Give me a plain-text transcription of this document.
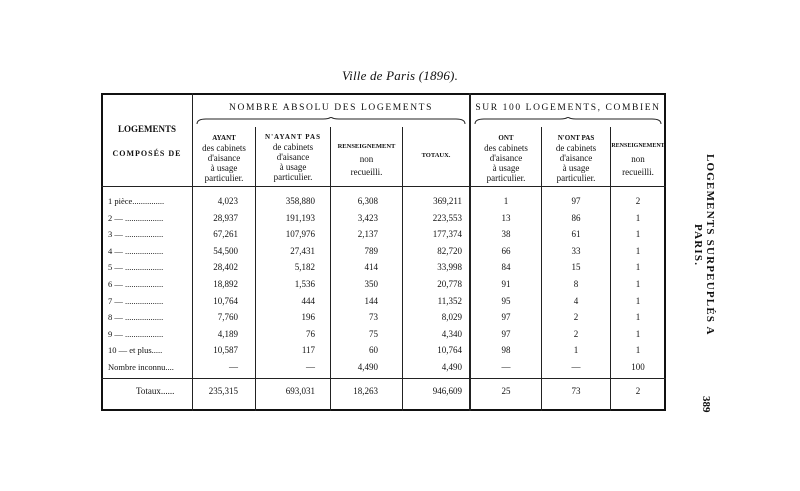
Ville de Paris (1896).
LOGEMENTS
COMPOSÉS DE
NOMBRE ABSOLU DES LOGEMENTS	SUR 100 LOGEMENTS, COMBIEN
AYANT
des cabinets
d'aisance
à usage
particulier.
N'AYANT PAS
de cabinets
d'aisance
à usage
particulier.
RENSEIGNEMENT
non
recueilli.
TOTAUX.
ONT
des cabinets
d'aisance
à usage
particulier.
N'ONT PAS
de cabinets
d'aisance
à usage
particulier.
RENSEIGNEMENT
non
recueilli.
1 pièce...............	4,023	358,880	6,308	369,211	1	97	2
2 — ..................	28,937	191,193	3,423	223,553	13	86	1
3 — ..................	67,261	107,976	2,137	177,374	38	61	1
4 — ..................	54,500	27,431	789	82,720	66	33	1
5 — ..................	28,402	5,182	414	33,998	84	15	1
6 — ..................	18,892	1,536	350	20,778	91	8	1
7 — ..................	10,764	444	144	11,352	95	4	1
8 — ..................	7,760	196	73	8,029	97	2	1
9 — ..................	4,189	76	75	4,340	97	2	1
10 — et plus.....	10,587	117	60	10,764	98	1	1
Nombre inconnu....	—	—	4,490	4,490	—	—	100
Totaux......	235,315	693,031	18,263	946,609	25	73	2
LOGEMENTS SURPEUPLÉS A PARIS.
389
